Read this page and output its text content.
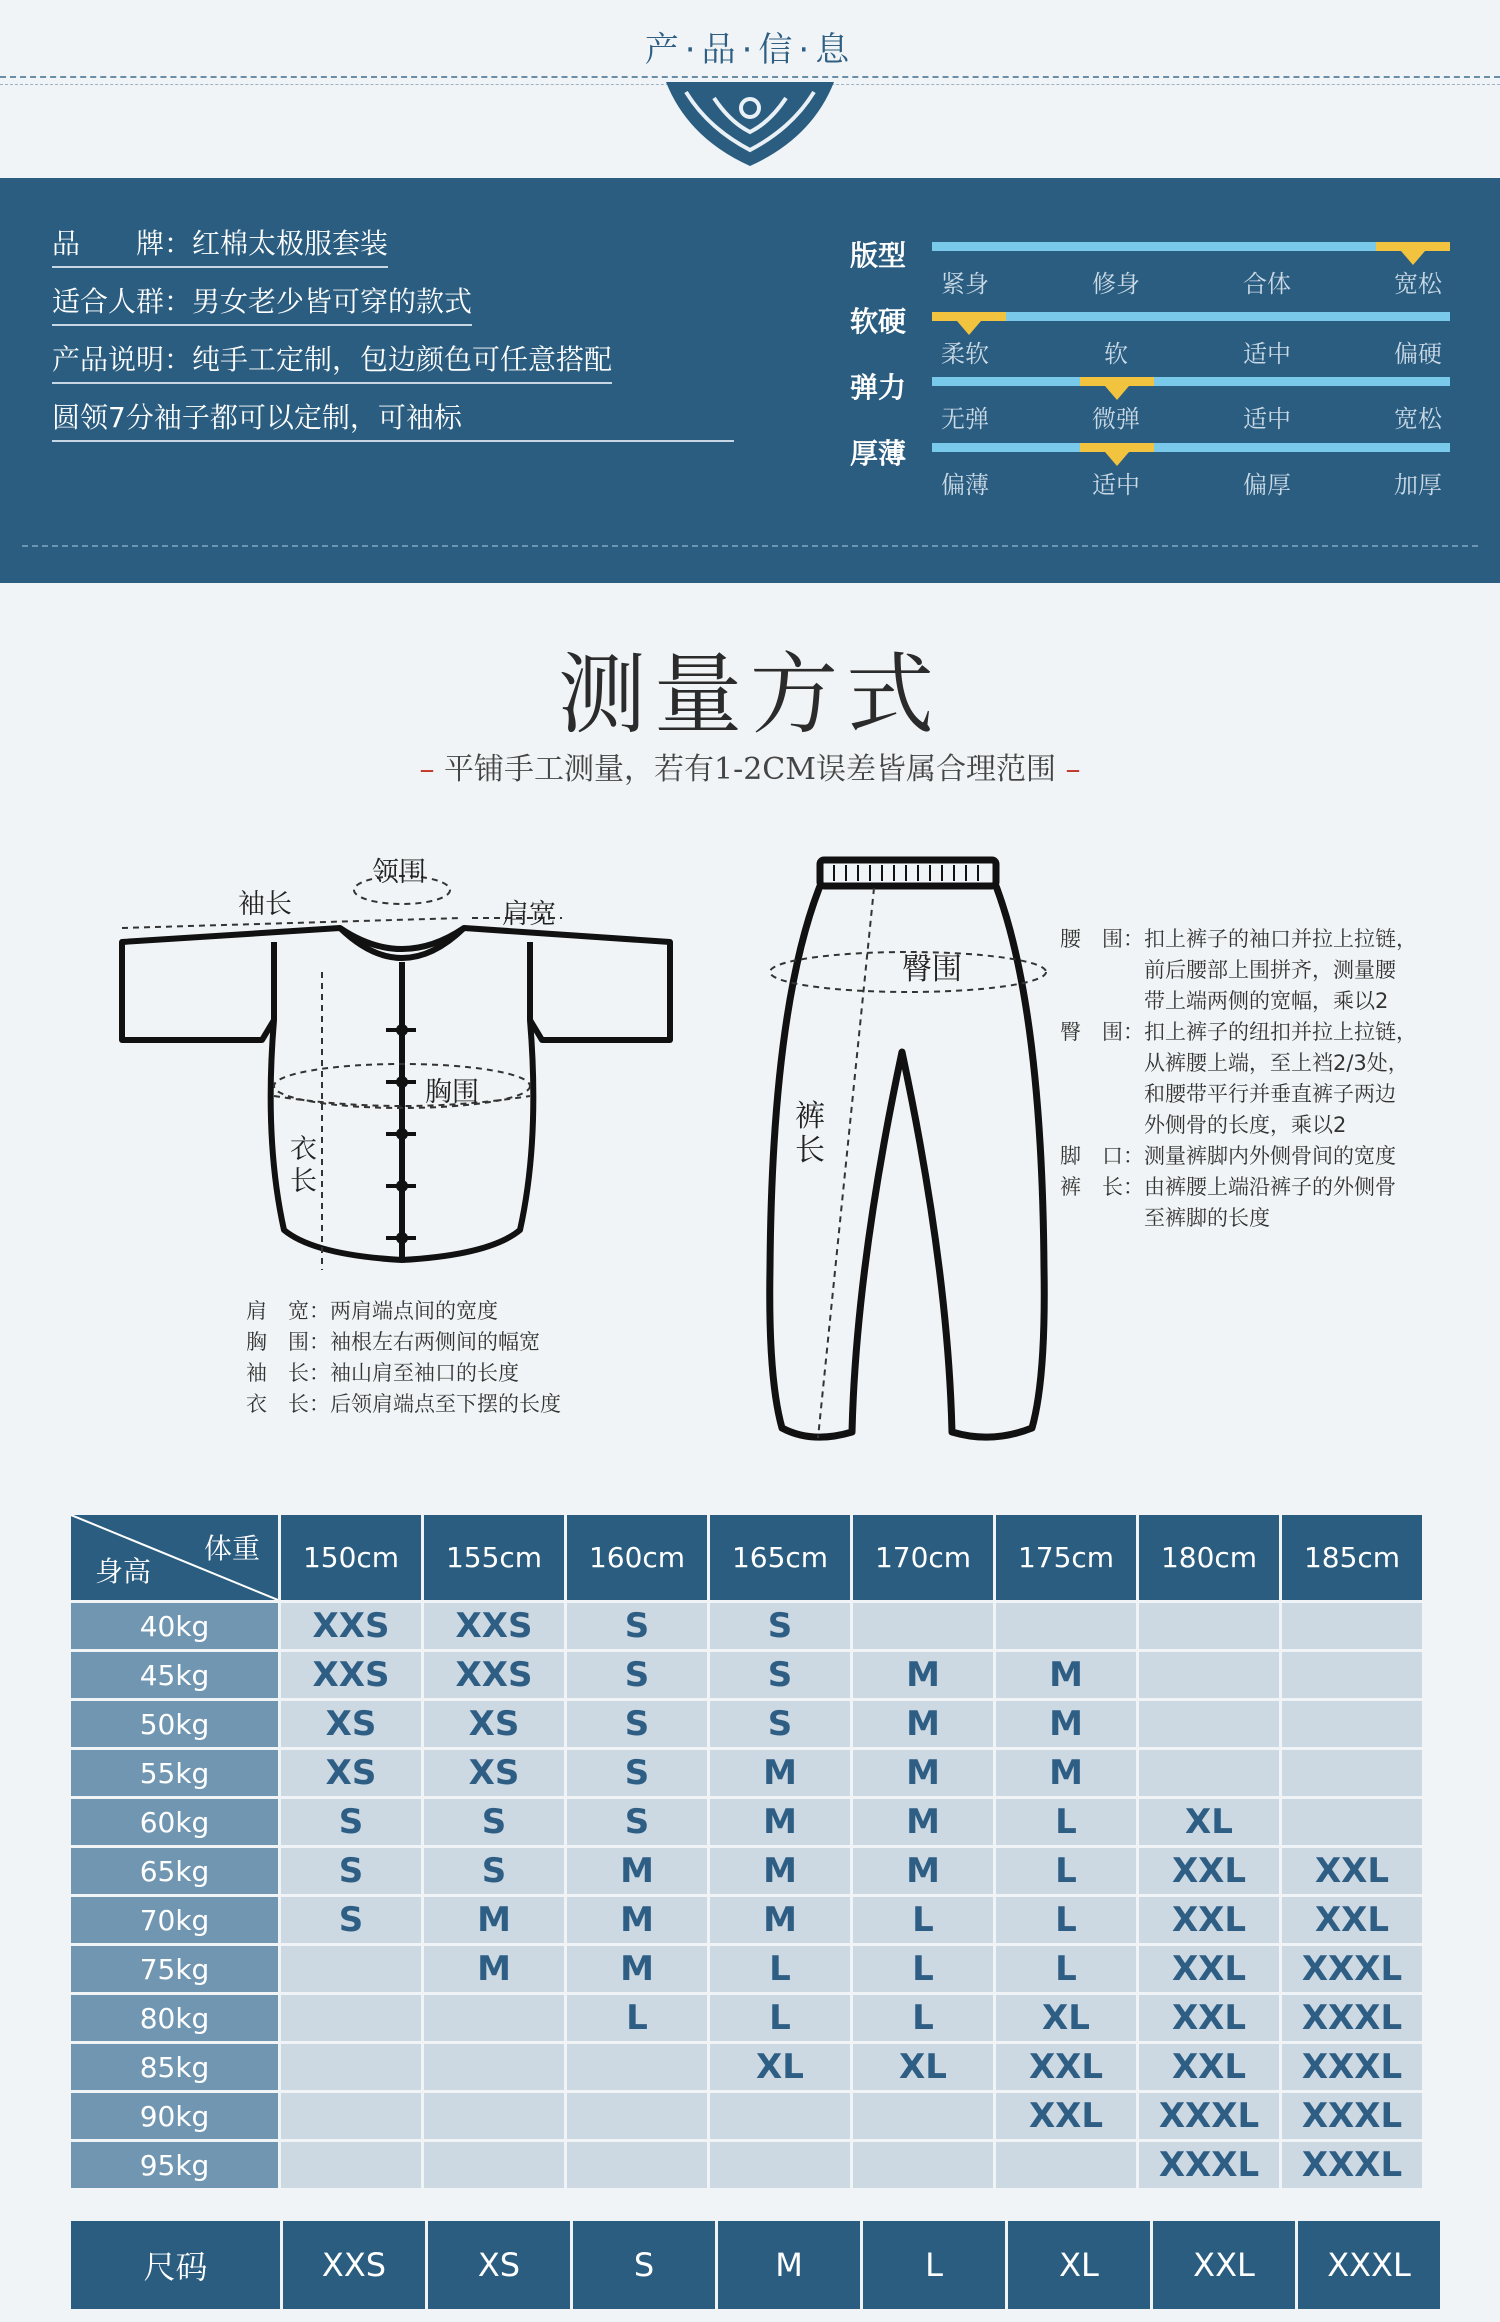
产·品·信·息
品　　牌：红棉太极服套装
适合人群：男女老少皆可穿的款式
产品说明：纯手工定制，包边颜色可任意搭配
圆领7分袖子都可以定制，可袖标
版型
紧身	修身	合体	宽松
软硬
柔软	软	适中	偏硬
弹力
无弹	微弹	适中	宽松
厚薄
偏薄	适中	偏厚	加厚
测量方式
– 平铺手工测量，若有1-2CM误差皆属合理范围 –
领围
袖长	肩宽
胸围
衣长
肩　宽：两肩端点间的宽度
胸　围：袖根左右两侧间的幅宽
袖　长：袖山肩至袖口的长度
衣　长：后领肩端点至下摆的长度
臀围
裤长
腰　围：扣上裤子的袖口并拉上拉链，
　　　　前后腰部上围拼齐，测量腰
　　　　带上端两侧的宽幅，乘以2
臀　围：扣上裤子的纽扣并拉上拉链，
　　　　从裤腰上端，至上裆2/3处，
　　　　和腰带平行并垂直裤子两边
　　　　外侧骨的长度，乘以2
脚　口：测量裤脚内外侧骨间的宽度
裤　长：由裤腰上端沿裤子的外侧骨
　　　　至裤脚的长度
体重
身高	150cm	155cm	160cm	165cm	170cm	175cm	180cm	185cm
40kg	XXS	XXS	S	S				
45kg	XXS	XXS	S	S	M	M		
50kg	XS	XS	S	S	M	M		
55kg	XS	XS	S	M	M	M		
60kg	S	S	S	M	M	L	XL	
65kg	S	S	M	M	M	L	XXL	XXL
70kg	S	M	M	M	L	L	XXL	XXL
75kg		M	M	L	L	L	XXL	XXXL
80kg			L	L	L	XL	XXL	XXXL
85kg				XL	XL	XXL	XXL	XXXL
90kg						XXL	XXXL	XXXL
95kg							XXXL	XXXL
尺码	XXS	XS	S	M	L	XL	XXL	XXXL
